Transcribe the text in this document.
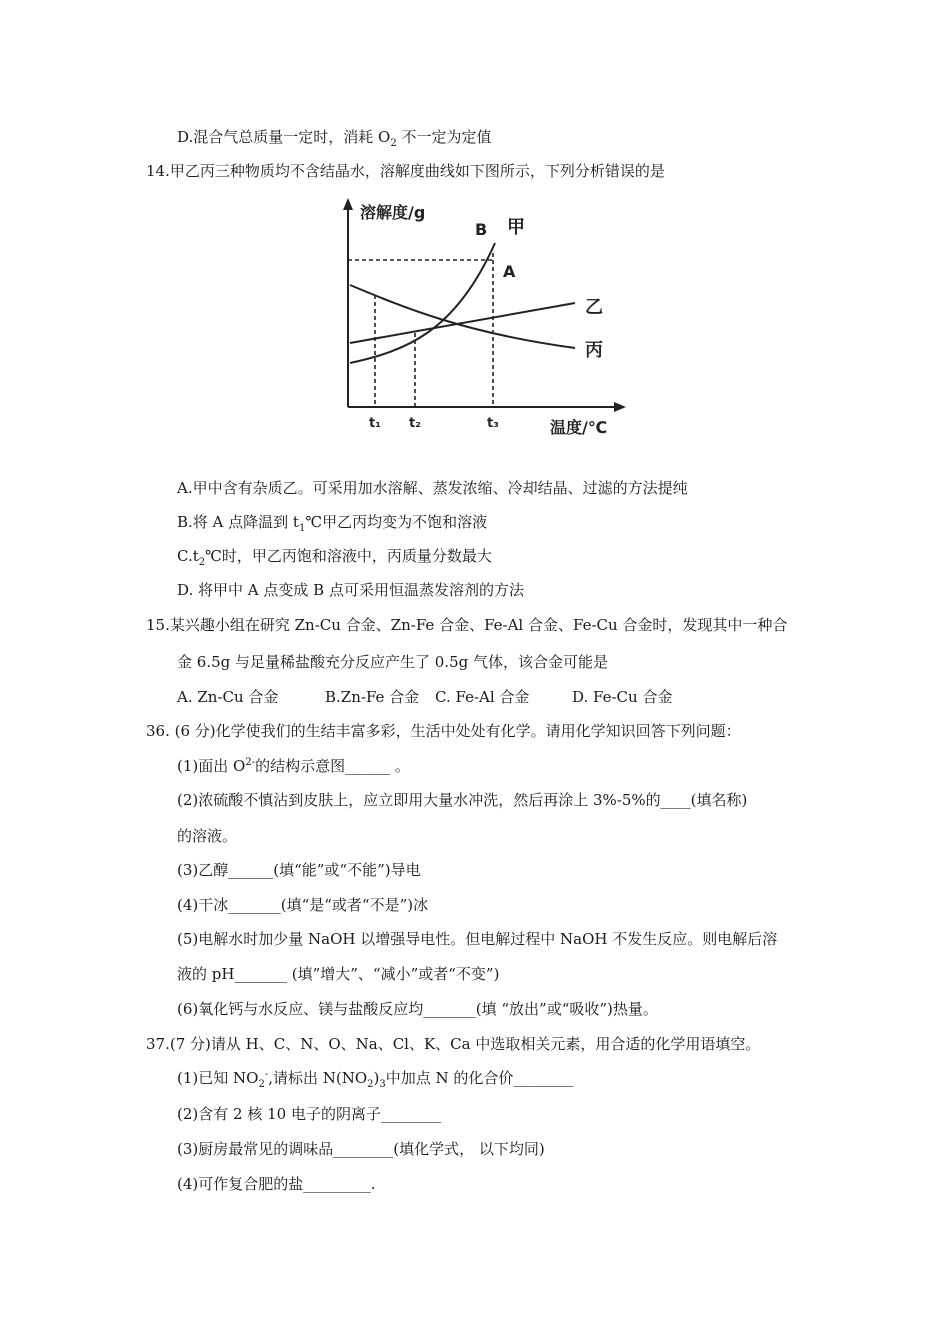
D.混合气总质量一定时，消耗 $O_2$ 不一定为定值
14.甲乙丙三种物质均不含结晶水，溶解度曲线如下图所示，下列分析错误的是
溶解度/g
温度/℃
t₁ t₂	t₃
B
A
甲
乙
丙
A.甲中含有杂质乙。可采用加水溶解、蒸发浓缩、冷却结晶、过滤的方法提纯
B.将 A 点降温到 $t_1℃$甲乙丙均变为不饱和溶液
$C.t_2℃$时，甲乙丙饱和溶液中，丙质量分数最大
D. 将甲中 A 点变成 B 点可采用恒温蒸发溶剂的方法
15.某兴趣小组在研究 Zn-Cu 合金、Zn-Fe 合金、Fe-Al 合金、Fe-Cu 合金时，发现其中一种合
金 6.5g 与足量稀盐酸充分反应产生了 0.5g 气体，该合金可能是
A. Zn-Cu 合金	B.Zn-Fe 合金 C. Fe-Al 合金	D. Fe-Cu 合金
36. (6 分)化学使我们的生结丰富多彩，生活中处处有化学。请用化学知识回答下列问题：
(1)面出 $O^{2-}$的结构示意图______ 。
(2)浓硫酸不慎沾到皮肤上，应立即用大量水冲洗，然后再涂上 3%-5%的____(填名称)
的溶液。
(3)乙醇______(填“能”或“不能”)导电
(4)干冰_______(填“是“或者“不是”)冰
(5)电解水时加少量 NaOH 以增强导电性。但电解过程中 NaOH 不发生反应。则电解后溶
液的 pH_______ (填”增大”、“减小”或者“不变”)
(6)氧化钙与水反应、镁与盐酸反应均_______(填 “放出”或“吸收”)热量。
37.(7 分)请从 H、C、N、O、Na、Cl、K、Ca 中选取相关元素，用合适的化学用语填空。
(1)已知 $NO_2^-$,请标出 $N(NO_2)_3$中加点 N 的化合价________
(2)含有 2 核 10 电子的阴离子________
(3)厨房最常见的调味品________(填化学式， 以下均同)
(4)可作复合肥的盐_________.
